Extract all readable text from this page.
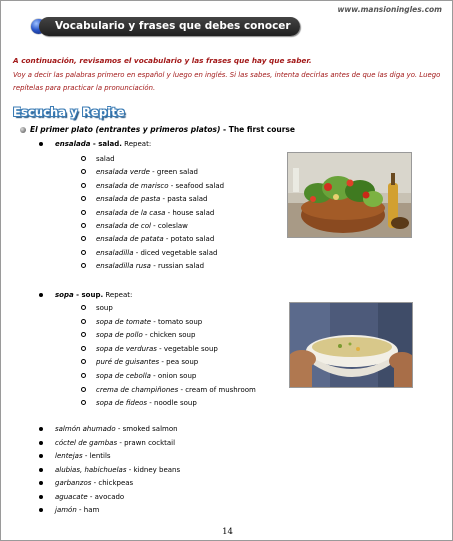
www.mansioningles.com
Vocabulario y frases que debes conocer
A continuación, revisamos el vocabulario y las frases que hay que saber.
Voy a decir las palabras primero en español y luego en inglés. Si las sabes, intenta decirlas antes de que las diga yo. Luego repítelas para practicar la pronunciación.
Escucha y Repite
El primer plato (entrantes y primeros platos) - The first course
ensalada - salad. Repeat:
salad
ensalada verde - green salad
ensalada de marisco - seafood salad
ensalada de pasta - pasta salad
ensalada de la casa - house salad
ensalada de col - coleslaw
ensalada de patata - potato salad
ensaladilla - diced vegetable salad
ensaladilla rusa - russian salad
sopa - soup. Repeat:
soup
sopa de tomate - tomato soup
sopa de pollo - chicken soup
sopa de verduras - vegetable soup
puré de guisantes - pea soup
sopa de cebolla - onion soup
crema de champiñones - cream of mushroom
sopa de fideos - noodle soup
salmón ahumado - smoked salmon
cóctel de gambas - prawn cocktail
lentejas - lentils
alubias, habichuelas - kidney beans
garbanzos - chickpeas
aguacate - avocado
jamón - ham
14
